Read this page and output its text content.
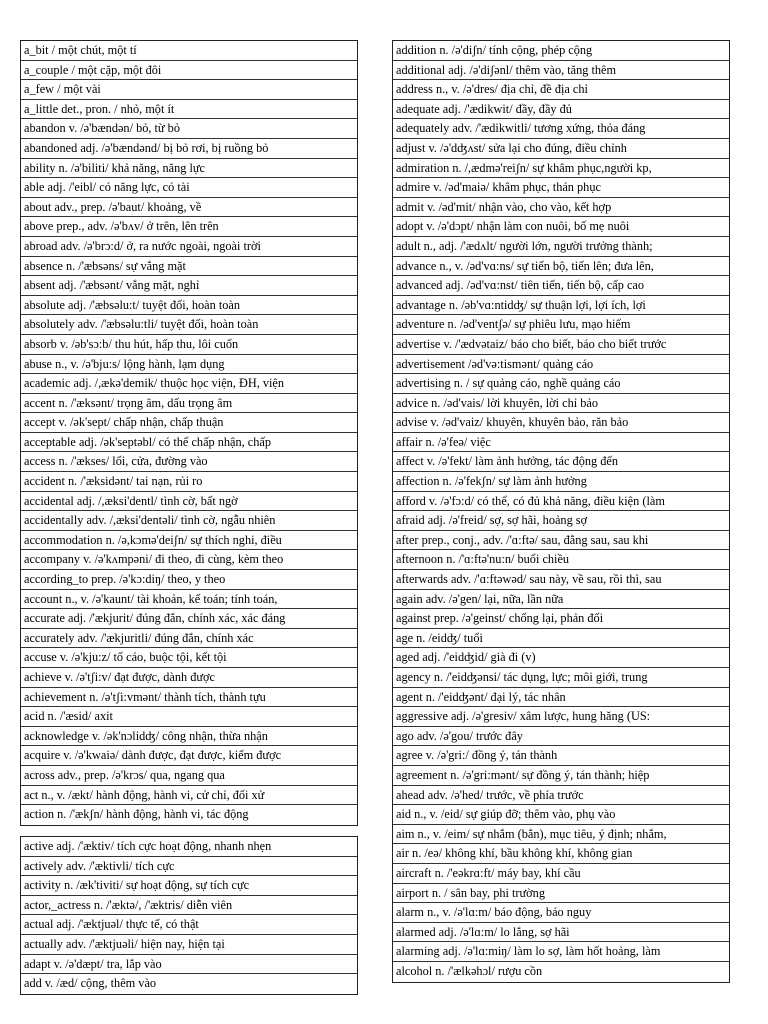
a_bit / một chút, một tí
a_couple / một cặp, một đôi
a_few / một vài
a_little det., pron. / nhỏ, một ít
abandon v. /ə'bændən/ bỏ, từ bỏ
abandoned adj. /ə'bændənd/ bị bỏ rơi, bị ruồng bỏ
ability n. /ə'biliti/ khả năng, năng lực
able adj. /'eibl/ có năng lực, có tài
about adv., prep. /ə'baut/ khoảng, về
above prep., adv. /ə'bʌv/ ở trên, lên trên
abroad adv. /ə'brɔ:d/ ở, ra nước ngoài, ngoài trời
absence n. /'æbsəns/ sự vắng mặt
absent adj. /'æbsənt/ vắng mặt, nghỉ
absolute adj. /'æbsəlu:t/ tuyệt đối, hoàn toàn
absolutely adv. /'æbsəlu:tli/ tuyệt đối, hoàn toàn
absorb v. /əb'sɔ:b/ thu hút, hấp thu, lôi cuốn
abuse n., v. /ə'bju:s/ lộng hành, lạm dụng
academic adj. /,ækə'demik/ thuộc học viện, ĐH, viện
accent n. /'æksənt/ trọng âm, dấu trọng âm
accept v. /ək'sept/ chấp nhận, chấp thuận
acceptable adj. /ək'septəbl/ có thể chấp nhận, chấp
access n. /'ækses/ lối, cửa, đường vào
accident n. /'æksidənt/ tai nạn, rủi ro
accidental adj. /,æksi'dentl/ tình cờ, bất ngờ
accidentally adv. /,æksi'dentəli/ tình cờ, ngẫu nhiên
accommodation n. /ə,kɔmə'deiʃn/ sự thích nghi, điều
accompany v. /ə'kʌmpəni/ đi theo, đi cùng, kèm theo
according_to prep. /ə'kɔ:diŋ/ theo, y theo
account n., v. /ə'kaunt/ tài khoản, kế toán; tính toán,
accurate adj. /'ækjurit/ đúng đắn, chính xác, xác đáng
accurately adv. /'ækjuritli/ đúng đắn, chính xác
accuse v. /ə'kju:z/ tố cáo, buộc tội, kết tội
achieve v. /ə'tʃi:v/ đạt được, dành được
achievement n. /ə'tʃi:vmənt/ thành tích, thành tựu
acid n. /'æsid/ axit
acknowledge v. /ək'nɔlidʤ/ công nhận, thừa nhận
acquire v. /ə'kwaiə/ dành được, đạt được, kiếm được
across adv., prep. /ə'krɔs/ qua, ngang qua
act n., v. /ækt/ hành động, hành vi, cử chỉ, đối xử
action n. /'ækʃn/ hành động, hành vi, tác động
active adj. /'æktiv/ tích cực hoạt động, nhanh nhẹn
actively adv. /'æktivli/ tích cực
activity n. /æk'tiviti/ sự hoạt động, sự tích cực
actor,_actress n. /'æktə/, /'æktris/ diễn viên
actual adj. /'æktjuəl/ thực tế, có thật
actually adv. /'æktjuəli/ hiện nay, hiện tại
adapt v. /ə'dæpt/ tra, lắp vào
add v. /æd/ cộng, thêm vào
addition n. /ə'diʃn/ tính cộng, phép cộng
additional adj. /ə'diʃənl/ thêm vào, tăng thêm
address n., v. /ə'dres/ địa chỉ, đề địa chỉ
adequate adj. /'ædikwit/ đầy, đầy đủ
adequately adv. /'ædikwitli/ tương xứng, thỏa đáng
adjust v. /ə'dʤʌst/ sửa lại cho đúng, điều chỉnh
admiration n. /,ædmə'reiʃn/ sự khâm phục,người kp,
admire v. /əd'maiə/ khâm phục, thán phục
admit v. /əd'mit/ nhận vào, cho vào, kết hợp
adopt v. /ə'dɔpt/ nhận làm con nuôi, bố mẹ nuôi
adult n., adj. /'ædʌlt/ người lớn, người trưởng thành;
advance n., v. /əd'vɑ:ns/ sự tiến bộ, tiến lên; đưa lên,
advanced adj. /əd'vɑ:nst/ tiên tiến, tiến bộ, cấp cao
advantage n. /əb'vɑ:ntidʤ/ sự thuận lợi, lợi ích, lợi
adventure n. /əd'ventʃə/ sự phiêu lưu, mạo hiểm
advertise v. /'ædvətaiz/ báo cho biết, báo cho biết trước
advertisement /əd'və:tismənt/ quảng cáo
advertising n. / sự quảng cáo, nghề quảng cáo
advice n. /əd'vais/ lời khuyên, lời chỉ bảo
advise v. /əd'vaiz/ khuyên, khuyên bảo, răn bảo
affair n. /ə'feə/ việc
affect v. /ə'fekt/ làm ảnh hưởng, tác động đến
affection n. /ə'fekʃn/ sự làm ảnh hưởng
afford v. /ə'fɔ:d/ có thể, có đủ khả năng, điều kiện (làm
afraid adj. /ə'freid/ sợ, sợ hãi, hoảng sợ
after prep., conj., adv. /'ɑ:ftə/ sau, đằng sau, sau khi
afternoon n. /'ɑ:ftə'nu:n/ buổi chiều
afterwards adv. /'ɑ:ftəwəd/ sau này, về sau, rồi thì, sau
again adv. /ə'gen/ lại, nữa, lần nữa
against prep. /ə'geinst/ chống lại, phản đối
age n. /eidʤ/ tuổi
aged adj. /'eidʤid/ già đi (v)
agency n. /'eidʤənsi/ tác dụng, lực; môi giới, trung
agent n. /'eidʤənt/ đại lý, tác nhân
aggressive adj. /ə'gresiv/ xâm lược, hung hăng (US:
ago adv. /ə'gou/ trước đây
agree v. /ə'gri:/ đồng ý, tán thành
agreement n. /ə'gri:mənt/ sự đồng ý, tán thành; hiệp
ahead adv. /ə'hed/ trước, về phía trước
aid n., v. /eid/ sự giúp đỡ; thêm vào, phụ vào
aim n., v. /eim/ sự nhắm (bắn), mục tiêu, ý định; nhắm,
air n. /eə/ không khí, bầu không khí, không gian
aircraft n. /'eəkrɑ:ft/ máy bay, khí cầu
airport n. / sân bay, phi trường
alarm n., v. /ə'lɑ:m/ báo động, báo nguy
alarmed adj. /ə'lɑ:m/ lo lắng, sợ hãi
alarming adj. /ə'lɑ:miŋ/ làm lo sợ, làm hốt hoảng, làm
alcohol n. /'ælkəhɔl/ rượu cồn
